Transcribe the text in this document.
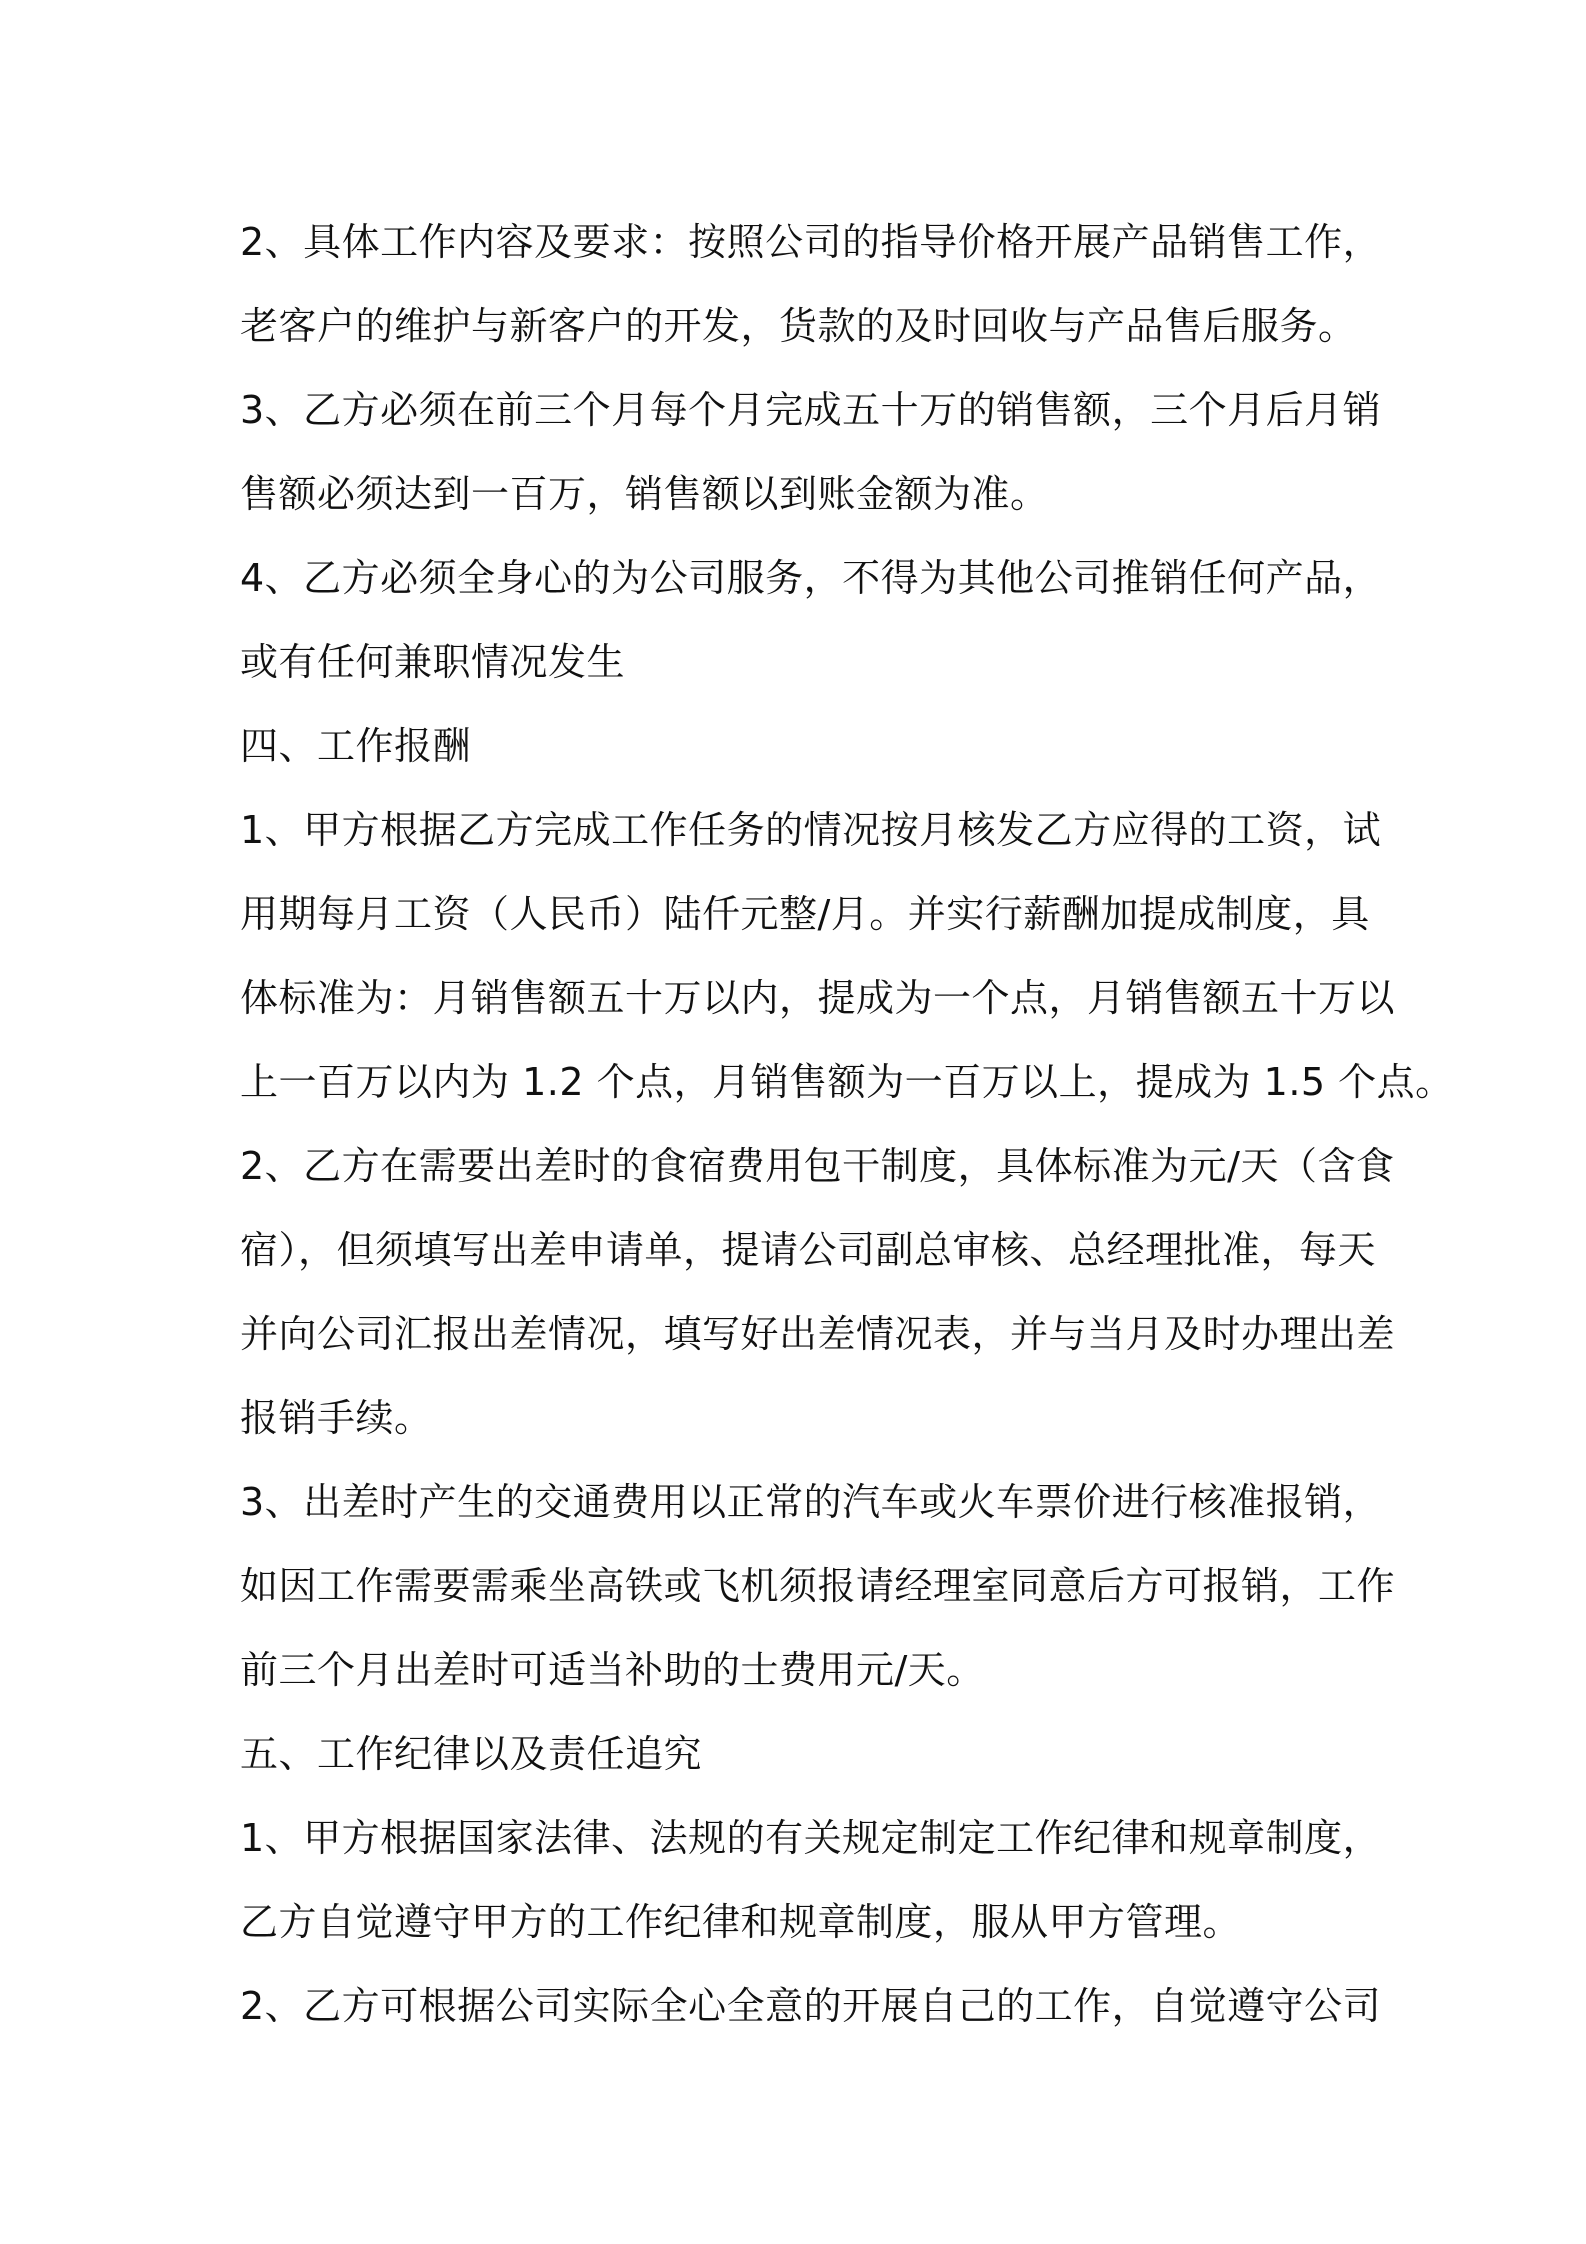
2、具体工作内容及要求：按照公司的指导价格开展产品销售工作，
老客户的维护与新客户的开发，货款的及时回收与产品售后服务。
3、乙方必须在前三个月每个月完成五十万的销售额，三个月后月销
售额必须达到一百万，销售额以到账金额为准。
4、乙方必须全身心的为公司服务，不得为其他公司推销任何产品，
或有任何兼职情况发生
四、工作报酬
1、甲方根据乙方完成工作任务的情况按月核发乙方应得的工资，试
用期每月工资（人民币）陆仟元整/月。并实行薪酬加提成制度，具
体标准为：月销售额五十万以内，提成为一个点，月销售额五十万以
上一百万以内为 1.2 个点，月销售额为一百万以上，提成为 1.5 个点。
2、乙方在需要出差时的食宿费用包干制度，具体标准为元/天（含食
宿），但须填写出差申请单，提请公司副总审核、总经理批准，每天
并向公司汇报出差情况，填写好出差情况表，并与当月及时办理出差
报销手续。
3、出差时产生的交通费用以正常的汽车或火车票价进行核准报销，
如因工作需要需乘坐高铁或飞机须报请经理室同意后方可报销，工作
前三个月出差时可适当补助的士费用元/天。
五、工作纪律以及责任追究
1、甲方根据国家法律、法规的有关规定制定工作纪律和规章制度，
乙方自觉遵守甲方的工作纪律和规章制度，服从甲方管理。
2、乙方可根据公司实际全心全意的开展自己的工作，自觉遵守公司
